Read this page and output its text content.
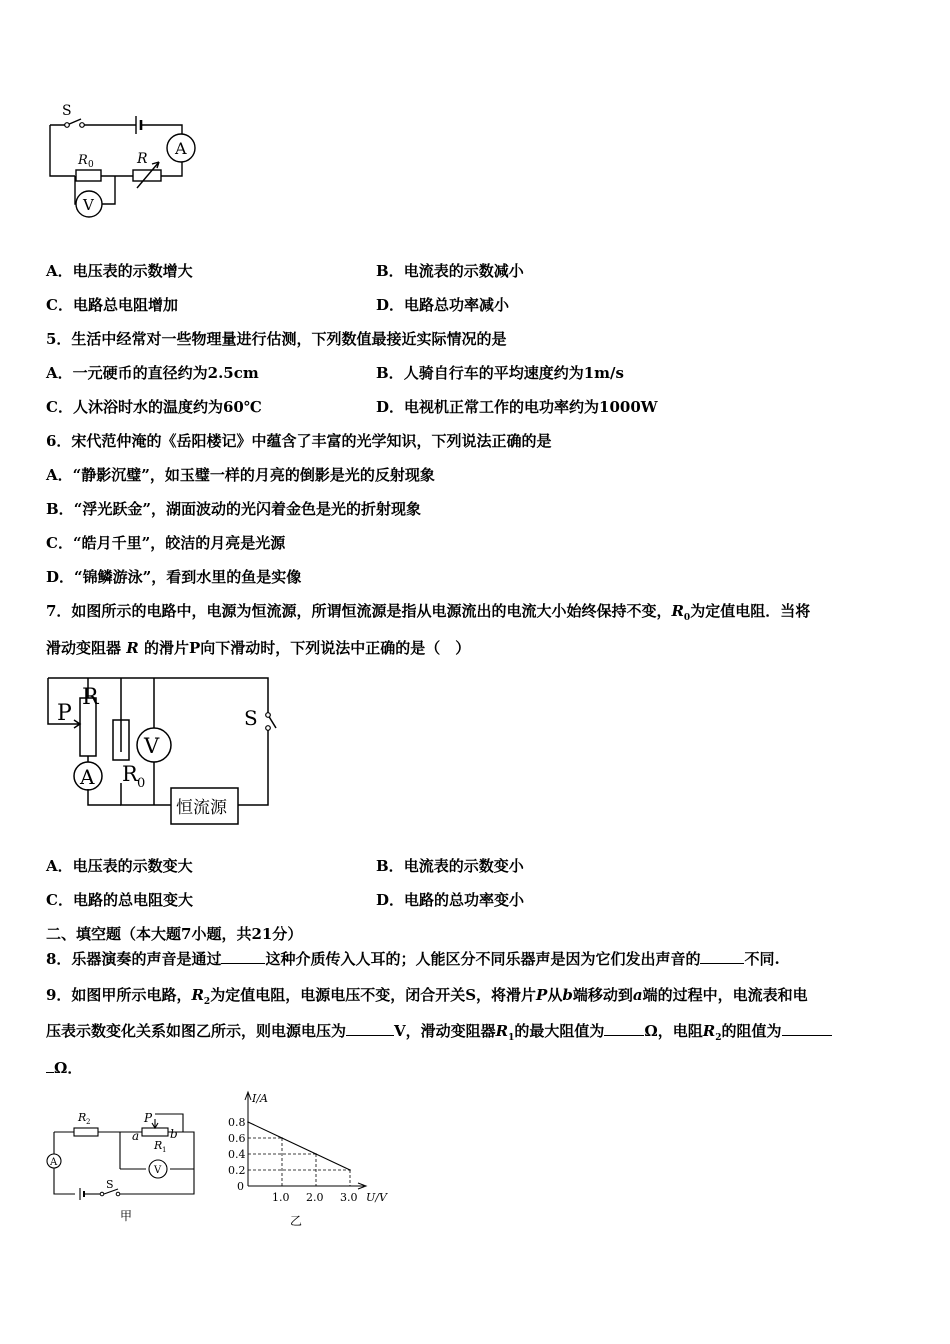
S
A
V
R 0	R
A．电压表的示数增大	B．电流表的示数减小
C．电路总电阻增加	D．电路总功率减小
5．生活中经常对一些物理量进行估测，下列数值最接近实际情况的是
A．一元硬币的直径约为2.5cm	B．人骑自行车的平均速度约为1m/s
C．人沐浴时水的温度约为60℃	D．电视机正常工作的电功率约为1000W
6．宋代范仲淹的《岳阳楼记》中蕴含了丰富的光学知识，下列说法正确的是
A．“静影沉璧”，如玉璧一样的月亮的倒影是光的反射现象
B．“浮光跃金”，湖面波动的光闪着金色是光的折射现象
C．“皓月千里”，皎洁的月亮是光源
D．“锦鳞游泳”，看到水里的鱼是实像
7．如图所示的电路中，电源为恒流源，所谓恒流源是指从电源流出的电流大小始终保持不变，$R_0$为定值电阻．当将
滑动变阻器 R 的滑片P向下滑动时，下列说法中正确的是（　）
P
R
S
V
A R 0
恒流源
A．电压表的示数变大	B．电流表的示数变小
C．电路的总电阻变大	D．电路的总功率变小
二、填空题（本大题7小题，共21分）
8．乐器演奏的声音是通过	这种介质传入人耳的；人能区分不同乐器声是因为它们发出声音的	不同.
9．如图甲所示电路，$R_2$为定值电阻，电源电压不变，闭合开关S，将滑片P从b端移动到a端的过程中，电流表和电
压表示数变化关系如图乙所示，则电源电压为	V，滑动变阻器$R_1$的最大阻值为	Ω，电阻$R_2$的阻值为
Ω．
R 2	P
a	b
R 1
A
V
S
甲
0.2
0.4
0.6
0.8
1.0 2.0 3.0
I/A
U/V
0
乙
